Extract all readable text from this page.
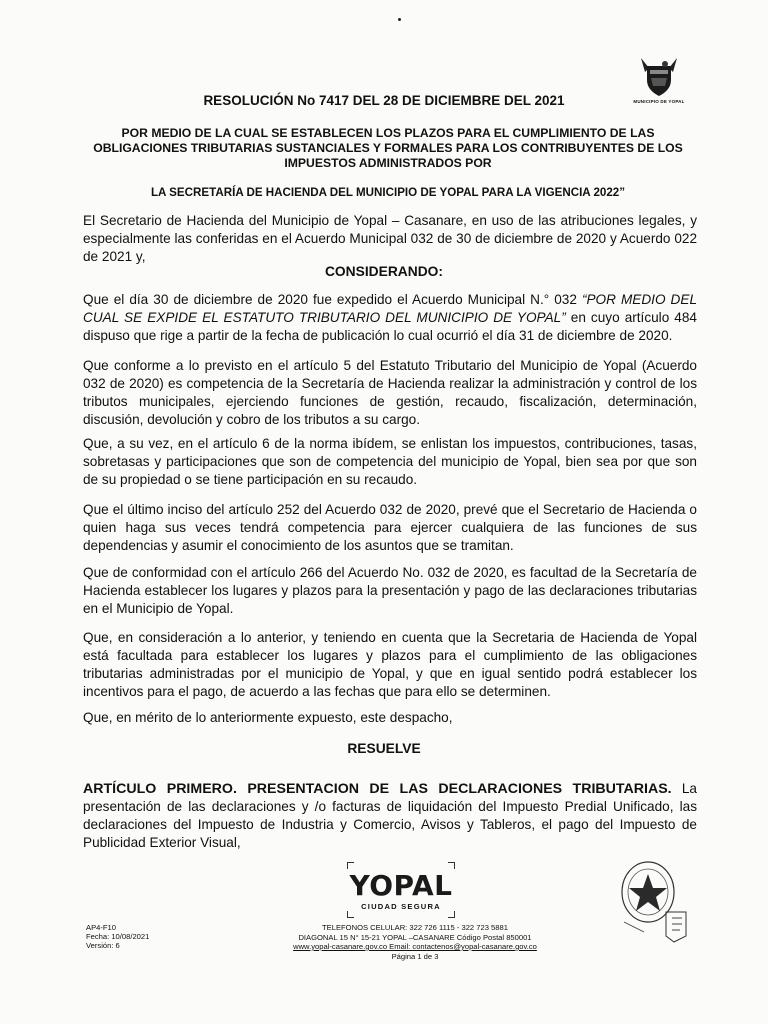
MUNICIPIO DE YOPAL
RESOLUCIÓN No 7417 DEL 28 DE DICIEMBRE DEL 2021
POR MEDIO DE LA CUAL SE ESTABLECEN LOS PLAZOS PARA EL CUMPLIMIENTO DE LAS
OBLIGACIONES TRIBUTARIAS SUSTANCIALES Y FORMALES PARA LOS CONTRIBUYENTES DE LOS
IMPUESTOS ADMINISTRADOS POR
LA SECRETARÍA DE HACIENDA DEL MUNICIPIO DE YOPAL PARA LA VIGENCIA 2022”
El Secretario de Hacienda del Municipio de Yopal – Casanare, en uso de las atribuciones legales, y especialmente las conferidas en el Acuerdo Municipal 032 de 30 de diciembre de 2020 y Acuerdo 022 de 2021 y,
CONSIDERANDO:
Que el día 30 de diciembre de 2020 fue expedido el Acuerdo Municipal N.° 032 “POR MEDIO DEL CUAL SE EXPIDE EL ESTATUTO TRIBUTARIO DEL MUNICIPIO DE YOPAL” en cuyo artículo 484 dispuso que rige a partir de la fecha de publicación lo cual ocurrió el día 31 de diciembre de 2020.
Que conforme a lo previsto en el artículo 5 del Estatuto Tributario del Municipio de Yopal (Acuerdo 032 de 2020) es competencia de la Secretaría de Hacienda realizar la administración y control de los tributos municipales, ejerciendo funciones de gestión, recaudo, fiscalización, determinación, discusión, devolución y cobro de los tributos a su cargo.
Que, a su vez, en el artículo 6 de la norma ibídem, se enlistan los impuestos, contribuciones, tasas, sobretasas y participaciones que son de competencia del municipio de Yopal, bien sea por que son de su propiedad o se tiene participación en su recaudo.
Que el último inciso del artículo 252 del Acuerdo 032 de 2020, prevé que el Secretario de Hacienda o quien haga sus veces tendrá competencia para ejercer cualquiera de las funciones de sus dependencias y asumir el conocimiento de los asuntos que se tramitan.
Que de conformidad con el artículo 266 del Acuerdo No. 032 de 2020, es facultad de la Secretaría de Hacienda establecer los lugares y plazos para la presentación y pago de las declaraciones tributarias en el Municipio de Yopal.
Que, en consideración a lo anterior, y teniendo en cuenta que la Secretaria de Hacienda de Yopal está facultada para establecer los lugares y plazos para el cumplimiento de las obligaciones tributarias administradas por el municipio de Yopal, y que en igual sentido podrá establecer los incentivos para el pago, de acuerdo a las fechas que para ello se determinen.
Que, en mérito de lo anteriormente expuesto, este despacho,
RESUELVE
ARTÍCULO PRIMERO. PRESENTACION DE LAS DECLARACIONES TRIBUTARIAS. La presentación de las declaraciones y /o facturas de liquidación del Impuesto Predial Unificado, las declaraciones del Impuesto de Industria y Comercio, Avisos y Tableros, el pago del Impuesto de Publicidad Exterior Visual,
AP4-F10
Fecha: 10/08/2021
Versión: 6
YOPAL
CIUDAD SEGURA
TELEFONOS CELULAR: 322 726 1115 - 322 723 5881
DIAGONAL 15 N° 15-21 YOPAL –CASANARE Código Postal 850001
www.yopal-casanare.gov.co Email: contactenos@yopal-casanare.gov.co
Página 1 de 3
